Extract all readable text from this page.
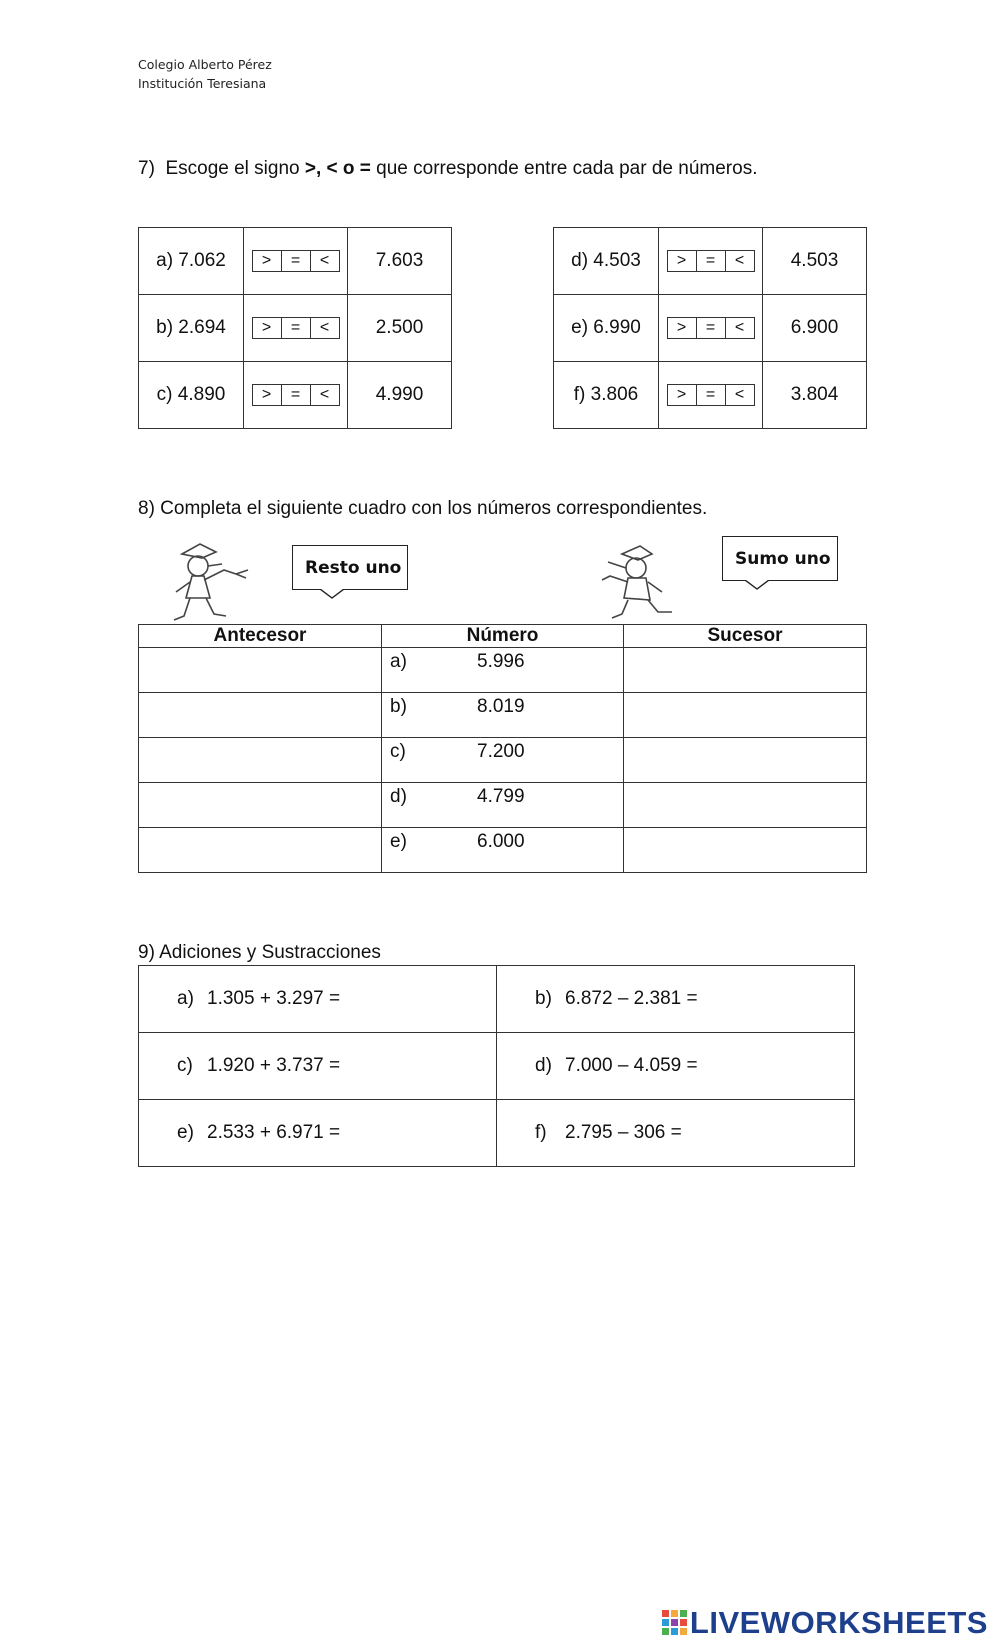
Colegio Alberto Pérez
Institución Teresiana
7)  Escoge el signo >, < o = que corresponde entre cada par de números.
a) 7.062	> = <	7.603
b) 2.694	> = <	2.500
c) 4.890	> = <	4.990
d) 4.503	> = <	4.503
e) 6.990	> = <	6.900
f) 3.806	> = <	3.804
8) Completa el siguiente cuadro con los números correspondientes.
Resto uno	Sumo uno
Antecesor	Número	Sucesor

	a) 5.996	

	b) 8.019	

	c) 7.200	

	d) 4.799	

	e) 6.000	

9) Adiciones y Sustracciones
a) 1.305 + 3.297 =	b) 6.872 – 2.381 =
c) 1.920 + 3.737 =	d) 7.000 – 4.059 =
e) 2.533 + 6.971 =	f) 2.795 – 306 =
LIVEWORKSHEETS
